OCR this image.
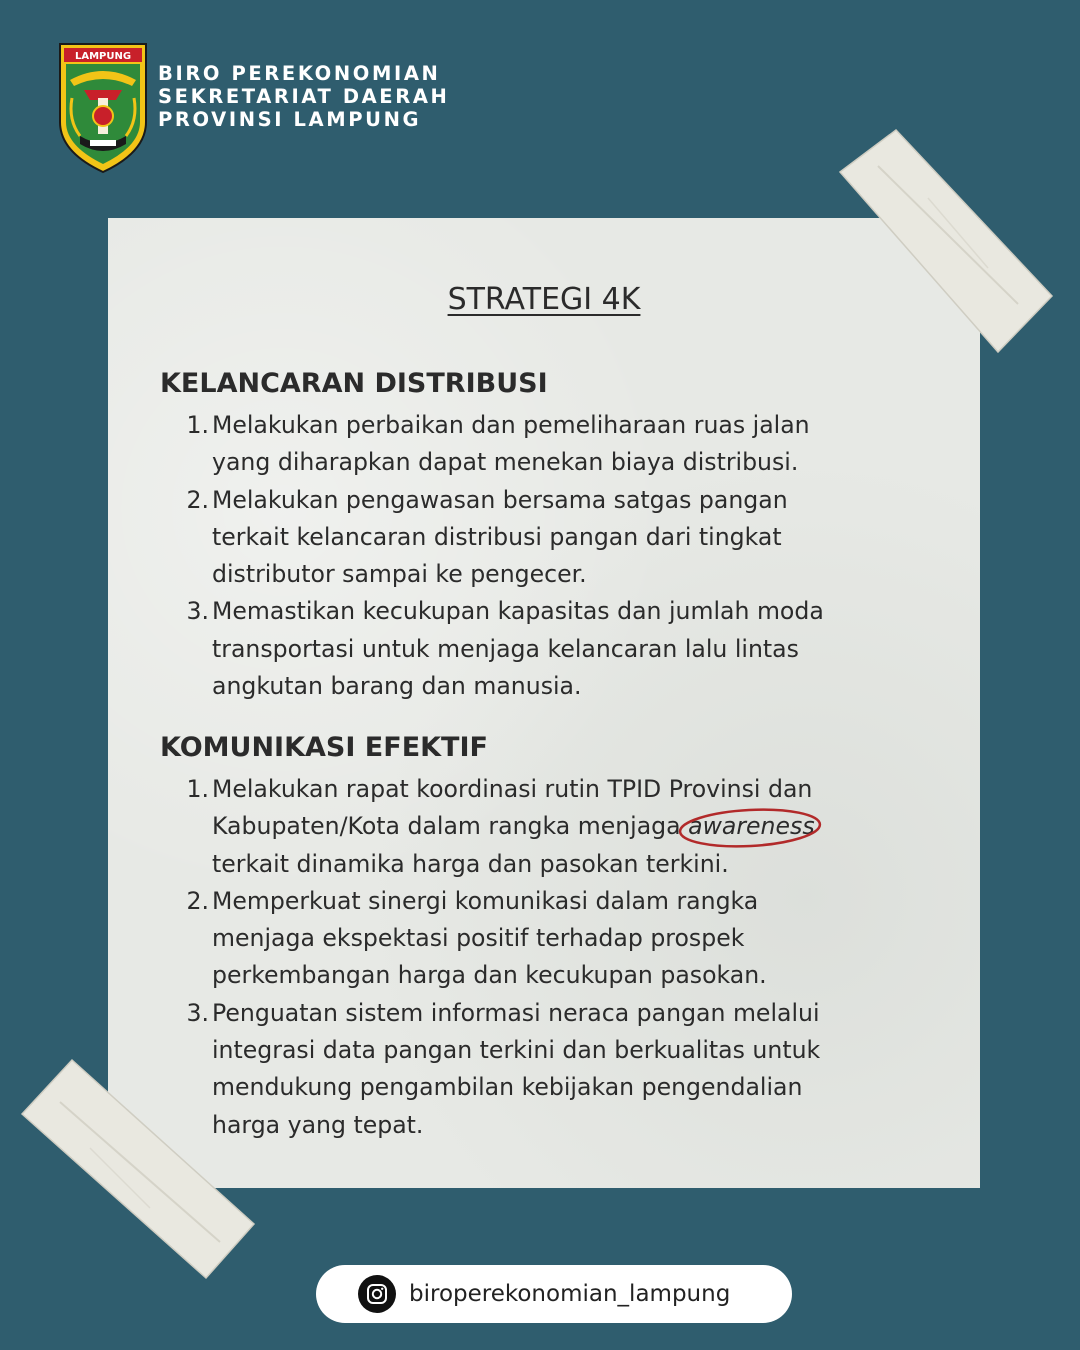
LAMPUNG
BIRO PEREKONOMIAN
SEKRETARIAT DAERAH
PROVINSI LAMPUNG
STRATEGI 4K
KELANCARAN DISTRIBUSI
1. Melakukan perbaikan dan pemeliharaan ruas jalan
yang diharapkan dapat menekan biaya distribusi.
2. Melakukan pengawasan bersama satgas pangan
terkait kelancaran distribusi pangan dari tingkat
distributor sampai ke pengecer.
3. Memastikan kecukupan kapasitas dan jumlah moda
transportasi untuk menjaga kelancaran lalu lintas
angkutan barang dan manusia.
KOMUNIKASI EFEKTIF
1. Melakukan rapat koordinasi rutin TPID Provinsi dan
Kabupaten/Kota dalam rangka menjaga awareness

terkait dinamika harga dan pasokan terkini.
2. Memperkuat sinergi komunikasi dalam rangka
menjaga ekspektasi positif terhadap prospek
perkembangan harga dan kecukupan pasokan.
3. Penguatan sistem informasi neraca pangan melalui
integrasi data pangan terkini dan berkualitas untuk
mendukung pengambilan kebijakan pengendalian
harga yang tepat.
biroperekonomian_lampung
